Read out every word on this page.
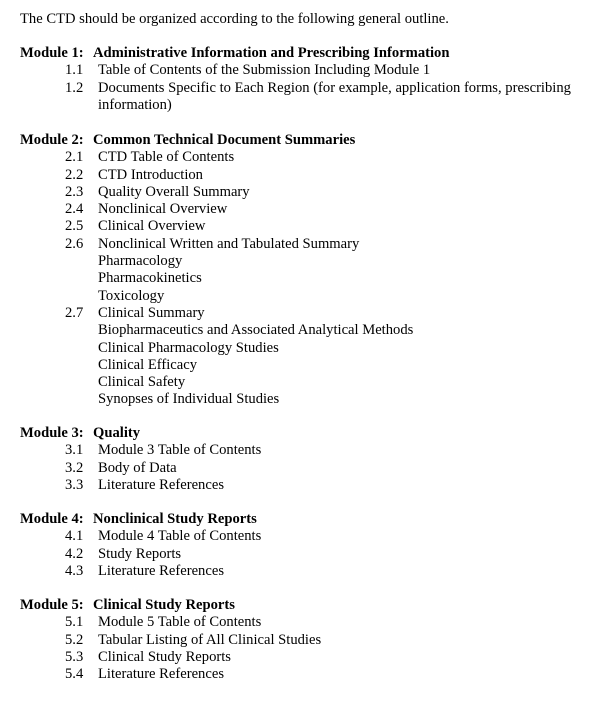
The CTD should be organized according to the following general outline.
Module 1: Administrative Information and Prescribing Information
1.1	Table of Contents of the Submission Including Module 1
1.2	Documents Specific to Each Region (for example, application forms, prescribing information)
Module 2: Common Technical Document Summaries
2.1	CTD Table of Contents
2.2	CTD Introduction
2.3	Quality Overall Summary
2.4	Nonclinical Overview
2.5	Clinical Overview
2.6	Nonclinical Written and Tabulated Summary
Pharmacology
Pharmacokinetics
Toxicology
2.7	Clinical Summary
Biopharmaceutics and Associated Analytical Methods
Clinical Pharmacology Studies
Clinical Efficacy
Clinical Safety
Synopses of Individual Studies
Module 3: Quality
3.1	Module 3 Table of Contents
3.2	Body of Data
3.3	Literature References
Module 4: Nonclinical Study Reports
4.1	Module 4 Table of Contents
4.2	Study Reports
4.3	Literature References
Module 5: Clinical Study Reports
5.1	Module 5 Table of Contents
5.2	Tabular Listing of All Clinical Studies
5.3	Clinical Study Reports
5.4	Literature References
